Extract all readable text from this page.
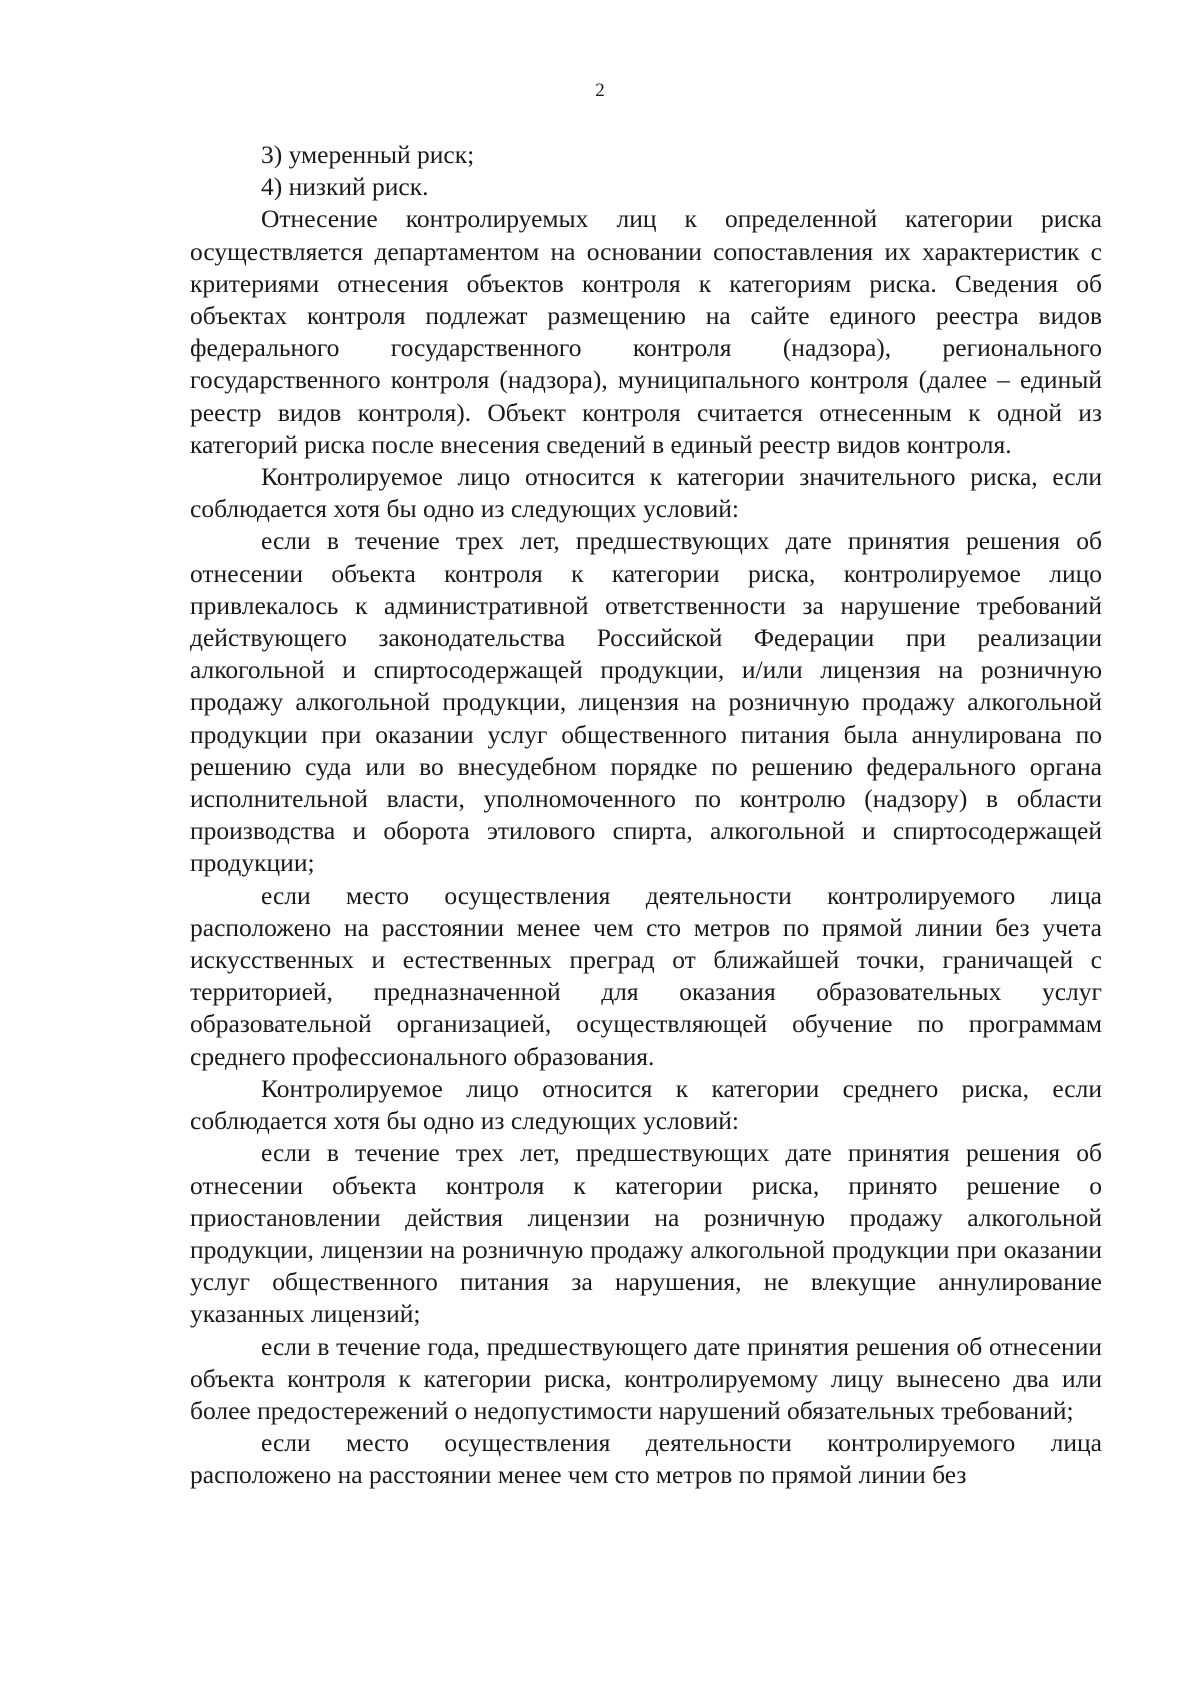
2

3) умеренный риск;

4) низкий риск.

Отнесение контролируемых лиц к определенной категории риска осуществляется департаментом на основании сопоставления их характеристик с критериями отнесения объектов контроля к категориям риска. Сведения об объектах контроля подлежат размещению на сайте единого реестра видов федерального государственного контроля (надзора), регионального государственного контроля (надзора), муниципального контроля (далее – единый реестр видов контроля). Объект контроля считается отнесенным к одной из категорий риска после внесения сведений в единый реестр видов контроля.

Контролируемое лицо относится к категории значительного риска, если соблюдается хотя бы одно из следующих условий:

если в течение трех лет, предшествующих дате принятия решения об отнесении объекта контроля к категории риска, контролируемое лицо привлекалось к административной ответственности за нарушение требований действующего законодательства Российской Федерации при реализации алкогольной и спиртосодержащей продукции, и/или лицензия на розничную продажу алкогольной продукции, лицензия на розничную продажу алкогольной продукции при оказании услуг общественного питания была аннулирована по решению суда или во внесудебном порядке по решению федерального органа исполнительной власти, уполномоченного по контролю (надзору) в области производства и оборота этилового спирта, алкогольной и спиртосодержащей продукции;

если место осуществления деятельности контролируемого лица расположено на расстоянии менее чем сто метров по прямой линии без учета искусственных и естественных преград от ближайшей точки, граничащей с территорией, предназначенной для оказания образовательных услуг образовательной организацией, осуществляющей обучение по программам среднего профессионального образования.

Контролируемое лицо относится к категории среднего риска, если соблюдается хотя бы одно из следующих условий:

если в течение трех лет, предшествующих дате принятия решения об отнесении объекта контроля к категории риска, принято решение о приостановлении действия лицензии на розничную продажу алкогольной продукции, лицензии на розничную продажу алкогольной продукции при оказании услуг общественного питания за нарушения, не влекущие аннулирование указанных лицензий;

если в течение года, предшествующего дате принятия решения об отнесении объекта контроля к категории риска, контролируемому лицу вынесено два или более предостережений о недопустимости нарушений обязательных требований;

если место осуществления деятельности контролируемого лица расположено на расстоянии менее чем сто метров по прямой линии без
